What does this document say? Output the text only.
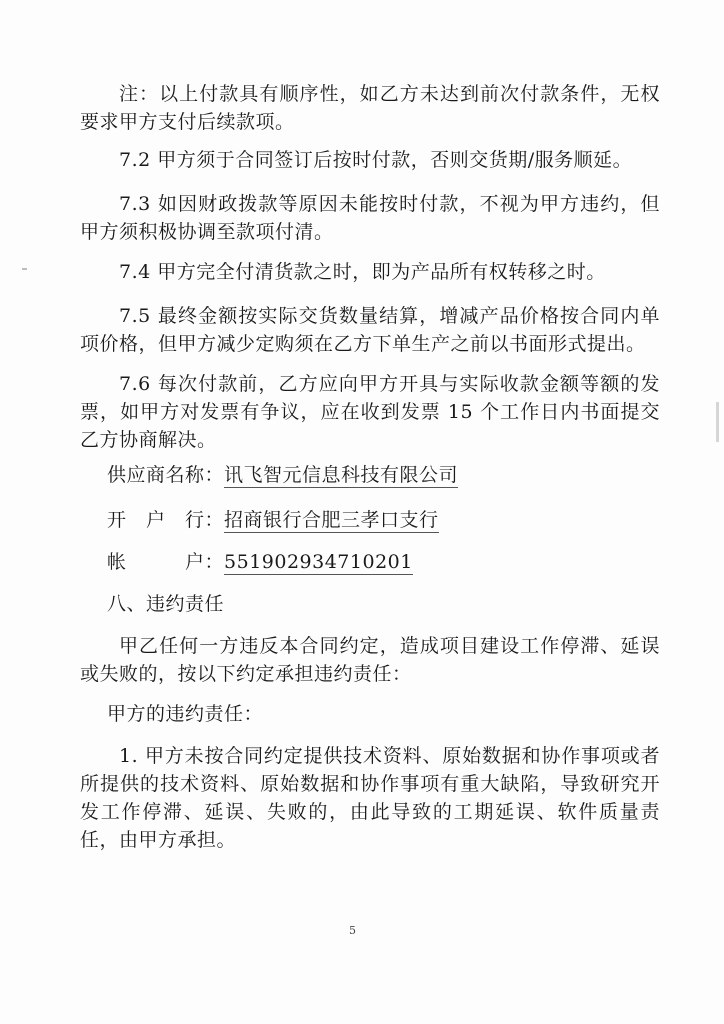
注：以上付款具有顺序性，如乙方未达到前次付款条件，无权要求甲方支付后续款项。

7.2 甲方须于合同签订后按时付款，否则交货期/服务顺延。

7.3 如因财政拨款等原因未能按时付款，不视为甲方违约，但甲方须积极协调至款项付清。

7.4 甲方完全付清货款之时，即为产品所有权转移之时。

7.5 最终金额按实际交货数量结算，增减产品价格按合同内单项价格，但甲方减少定购须在乙方下单生产之前以书面形式提出。

7.6 每次付款前，乙方应向甲方开具与实际收款金额等额的发票，如甲方对发票有争议，应在收到发票 15 个工作日内书面提交乙方协商解决。

供应商名称：讯飞智元信息科技有限公司
开　户　行：招商银行合肥三孝口支行
帐　　　户：551902934710201
八、违约责任

甲乙任何一方违反本合同约定，造成项目建设工作停滞、延误或失败的，按以下约定承担违约责任：

甲方的违约责任：

1. 甲方未按合同约定提供技术资料、原始数据和协作事项或者所提供的技术资料、原始数据和协作事项有重大缺陷，导致研究开发工作停滞、延误、失败的，由此导致的工期延误、软件质量责任，由甲方承担。

5
